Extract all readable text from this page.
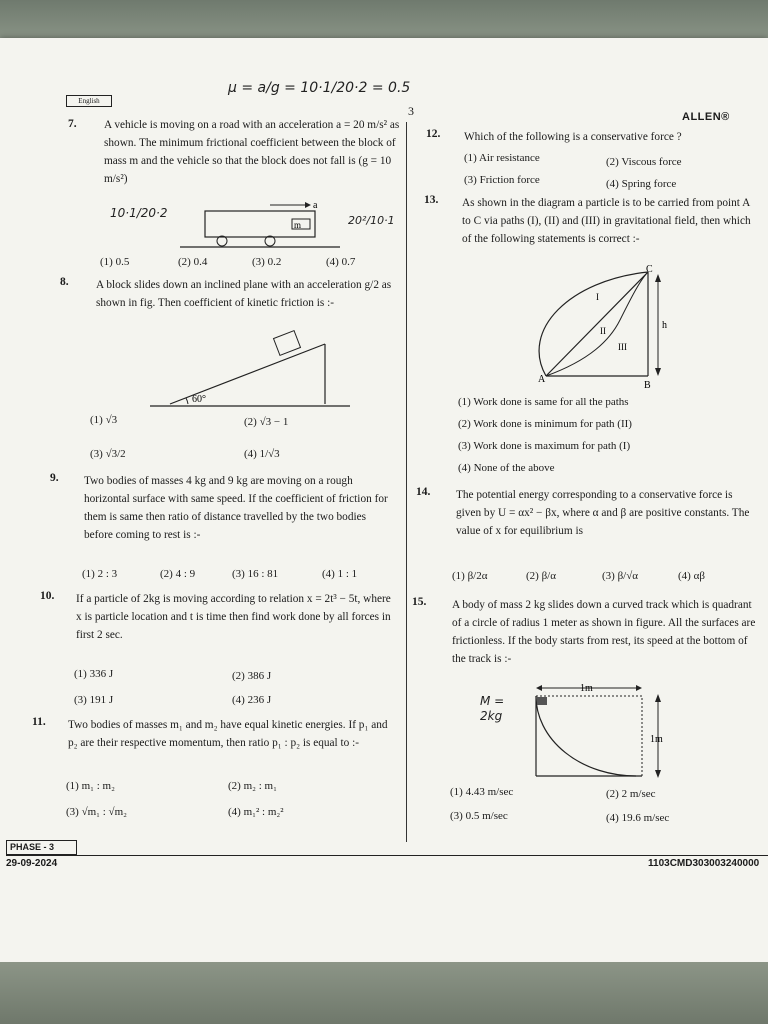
English
μ = a/g = 10·1/20·2 = 0.5
3	ALLEN®
7. A vehicle is moving on a road with an acceleration a = 20 m/s² as shown. The minimum frictional coefficient between the block of mass m and the vehicle so that the block does not fall is (g = 10 m/s²)
m
a
10·1/20·2
20²/10·1
(1) 0.5	(2) 0.4	(3) 0.2	(4) 0.7
8. A block slides down an inclined plane with an acceleration g/2 as shown in fig. Then coefficient of kinetic friction is :-
60°
(1) √3	(2) √3 − 1
(3) √3/2	(4) 1/√3
9. Two bodies of masses 4 kg and 9 kg are moving on a rough horizontal surface with same speed. If the coefficient of friction for them is same then ratio of distance travelled by the two bodies before coming to rest is :-
(1) 2 : 3	(2) 4 : 9	(3) 16 : 81	(4) 1 : 1
10. If a particle of 2kg is moving according to relation x = 2t³ − 5t, where x is particle location and t is time then find work done by all forces in first 2 sec.
(1) 336 J	(2) 386 J
(3) 191 J	(4) 236 J
11. Two bodies of masses m₁ and m₂ have equal kinetic energies. If p₁ and p₂ are their respective momentum, then ratio p₁ : p₂ is equal to :-
(1) m₁ : m₂	(2) m₂ : m₁
(3) √m₁ : √m₂	(4) m₁² : m₂²
12. Which of the following is a conservative force ?
(1) Air resistance	(2) Viscous force
(3) Friction force	(4) Spring force
13. As shown in the diagram a particle is to be carried from point A to C via paths (I), (II) and (III) in gravitational field, then which of the following statements is correct :-
A
B
C
h
I
II
III
(1) Work done is same for all the paths
(2) Work done is minimum for path (II)
(3) Work done is maximum for path (I)
(4) None of the above
14. The potential energy corresponding to a conservative force is given by U = αx² − βx, where α and β are positive constants. The value of x for equilibrium is
(1) β/2α	(2) β/α	(3) β/√α	(4) αβ
15. A body of mass 2 kg slides down a curved track which is quadrant of a circle of radius 1 meter as shown in figure. All the surfaces are frictionless. If the body starts from rest, its speed at the bottom of the track is :-
M = 2kg
1m
1m
(1) 4.43 m/sec	(2) 2 m/sec
(3) 0.5 m/sec	(4) 19.6 m/sec
PHASE - 3
29-09-2024	1103CMD303003240000
